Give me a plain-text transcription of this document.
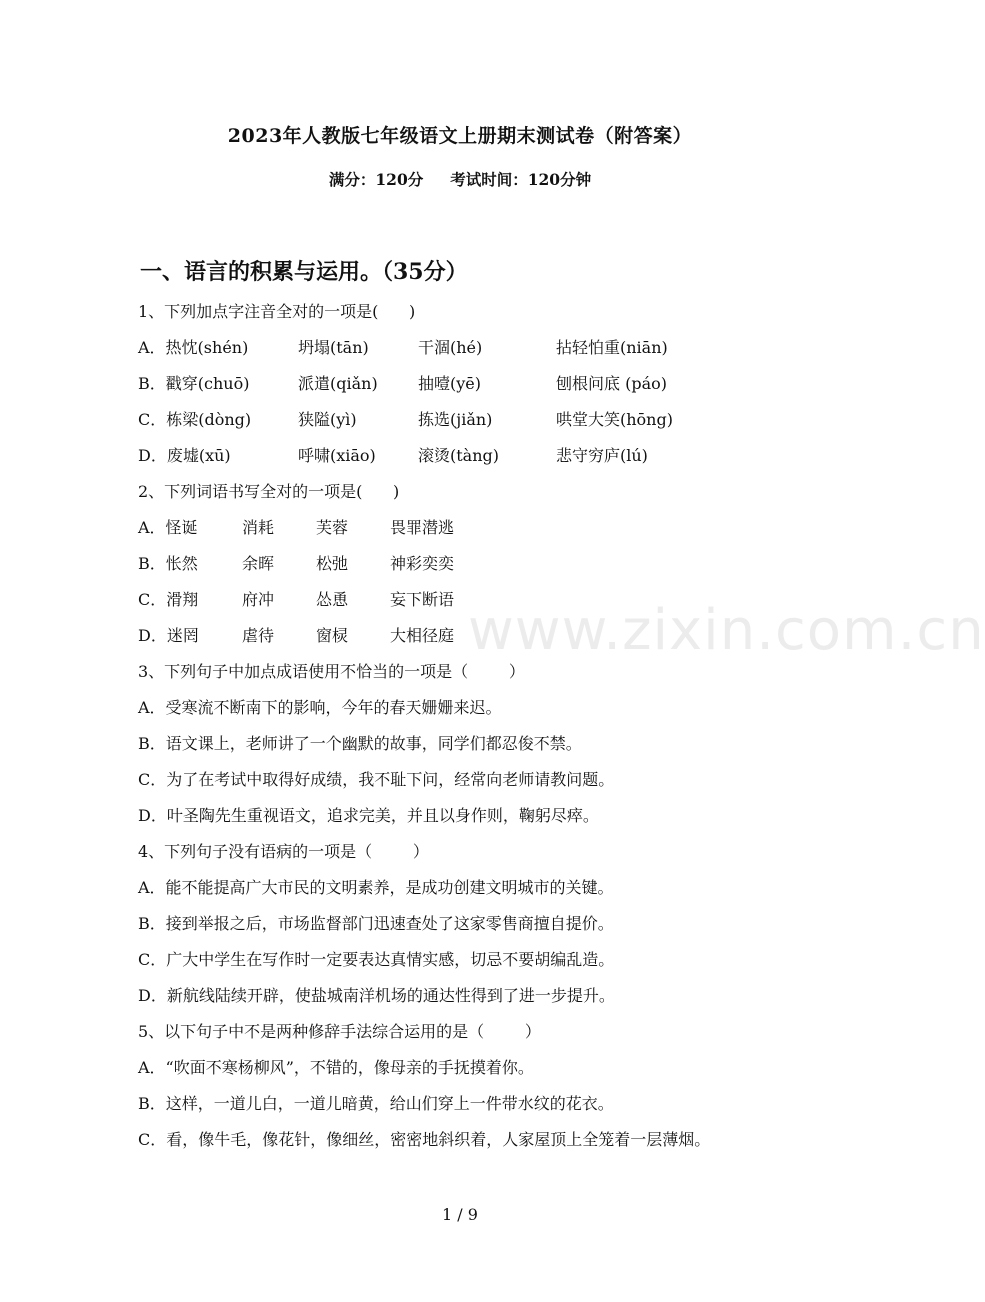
www.zixin.com.cn
2023年人教版七年级语文上册期末测试卷（附答案）
满分：120分     考试时间：120分钟
一、语言的积累与运用。（35分）
1、下列加点字注音全对的一项是(      )
A．热忱(shén)	坍塌(tān)	干涸(hé)	拈轻怕重(niān)
B．戳穿(chuō)	派遣(qiǎn)	抽噎(yē)	刨根问底 (páo)
C．栋梁(dòng)	狭隘(yì)	拣选(jiǎn)	哄堂大笑(hōng)
D．废墟(xū)	呼啸(xiāo)	滚烫(tàng)	悲守穷庐(lú)
2、下列词语书写全对的一项是(      )
A．怪诞	消耗	芙蓉	畏罪潜逃
B．怅然	余晖	松弛	神彩奕奕
C．滑翔	府冲	怂恿	妄下断语
D．迷罔	虐待	窗棂	大相径庭
3、下列句子中加点成语使用不恰当的一项是（        ）
A．受寒流不断南下的影响，今年的春天姗姗来迟。
B．语文课上，老师讲了一个幽默的故事，同学们都忍俊不禁。
C．为了在考试中取得好成绩，我不耻下问，经常向老师请教问题。
D．叶圣陶先生重视语文，追求完美，并且以身作则，鞠躬尽瘁。
4、下列句子没有语病的一项是（        ）
A．能不能提高广大市民的文明素养，是成功创建文明城市的关键。
B．接到举报之后，市场监督部门迅速查处了这家零售商擅自提价。
C．广大中学生在写作时一定要表达真情实感，切忌不要胡编乱造。
D．新航线陆续开辟，使盐城南洋机场的通达性得到了进一步提升。
5、以下句子中不是两种修辞手法综合运用的是（        ）
A．“吹面不寒杨柳风”，不错的，像母亲的手抚摸着你。
B．这样，一道儿白，一道儿暗黄，给山们穿上一件带水纹的花衣。
C．看，像牛毛，像花针，像细丝，密密地斜织着，人家屋顶上全笼着一层薄烟。
1 / 9
